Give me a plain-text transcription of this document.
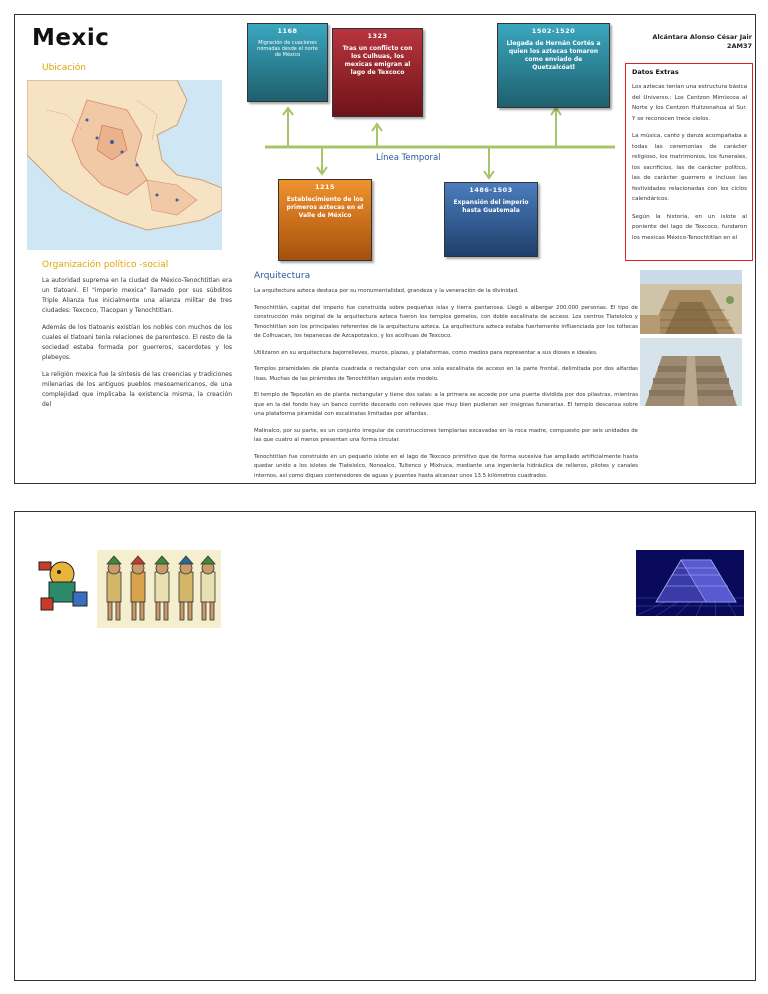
Mexic
Ubicación
Organización político -social

La autoridad suprema en la ciudad de México-Tenochtitlan era un tlatoani. El "imperio mexica" llamado por sus súbditos Triple Alianza fue inicialmente una alianza militar de tres ciudades: Texcoco, Tlacopan y Tenochtitlan.

Además de los tlatoanis existían los nobles con muchos de los cuales el tlatoani tenía relaciones de parentesco. El resto de la sociedad estaba formada por guerreros, sacerdotes y los plebeyos.

La religión mexica fue la síntesis de las creencias y tradiciones milenarias de los antiguos pueblos mesoamericanos, de una complejidad que implicaba la existencia misma, la creación del

Línea Temporal
1168
Migración de cuaciones nómadas desde el norte de México
1323
Tras un conflicto con los Culhuas, los mexicas emigran al lago de Texcoco
1502-1520
Llegada de Hernán Cortés a quien los aztecas tomaron como enviado de Quetzalcóatl
1215
Establecimiento de los primeros aztecas en el Valle de México
1486-1503
Expansión del imperio hasta Guatemala
Alcántara Alonso César Jair
2AM37
Datos Extras

Los aztecas tenían una estructura básica del Universo.: Los Centzon Mimixcoa al Norte y los Centzon Huitzonahua al Sur. Y se reconocen trece cielos.

La música, canto y danza acompañaba a todas las ceremonias de carácter religioso, los matrimonios, los funerales, los sacrificios, las de carácter político, las de carácter guerrero e incluso las festividades relacionadas con los ciclos calendáricos.

Según la historia, en un islote al poniente del lago de Texcoco, fundaron los mexicas México-Tenochtitlan en el

Arquitectura

La arquitectura azteca destaca por su monumentalidad, grandeza y la veneración de la divinidad.

Tenochtitlán, capital del imperio fue construida sobre pequeñas islas y tierra pantanosa. Llegó a albergar 200.000 personas. El tipo de construcción más original de la arquitectura azteca fueron los templos gemelos, con doble escalinata de acceso. Los centros Tlatelolco y Tenochtitlan son los principales referentes de la arquitectura azteca. La arquitectura azteca estaba fuertemente influenciada por los toltecas de Colhuacan, los tepanecas de Azcapotzalco, y los acolhuas de Texcoco.

Utilizaron en su arquitectura bajorrelieves, muros, plazas, y plataformas, como medios para representar a sus dioses e ideales.

Templos piramidales de planta cuadrada o rectangular con una sola escalinata de acceso en la parte frontal, delimitada por dos alfardas lisas. Muchas de las pirámides de Tenochtitlan seguían este modelo.

El templo de Tepozlán es de planta rectangular y tiene dos salas: a la primera se accede por una puerta dividida por dos pilastras, mientras que en la del fondo hay un banco corrido decorado con relieves que muy bien pudieran ser insignias funerarias. El templo descansa sobre una plataforma piramidal con escalinatas limitadas por alfardas.

Malinalco, por su parte, es un conjunto irregular de construcciones templarias excavadas en la roca madre, compuesto por seis unidades de las que cuatro al menos presentan una forma circular.

Tenochtitlan fue construido en un pequeño islote en el lago de Texcoco primitivo que de forma sucesiva fue ampliado artificialmente hasta quedar unido a los islotes de Tlatelolco, Nonoalco, Tultenco y Mixhuca, mediante una ingeniería hidráulica de rellenos, pilotes y canales internos, así como diques contenedores de aguas y puentes hasta alcanzar unos 13.5 kilómetros cuadrados.
